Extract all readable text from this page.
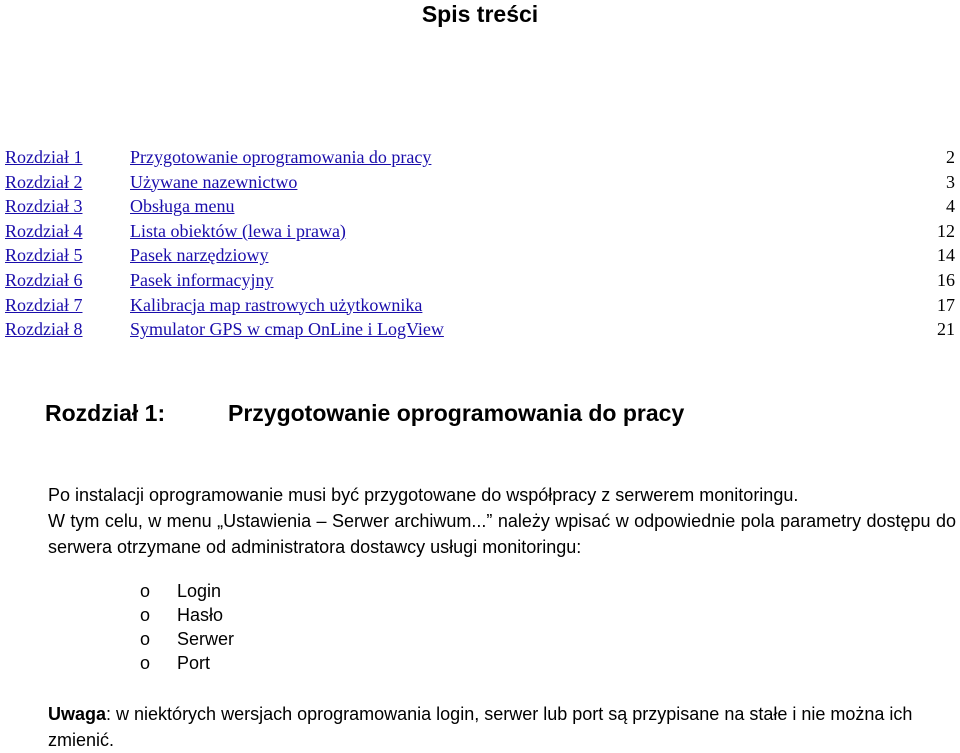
Spis treści
Rozdział 1	Przygotowanie oprogramowania do pracy	2
Rozdział 2	Używane nazewnictwo	3
Rozdział 3	Obsługa menu	4
Rozdział 4	Lista obiektów (lewa i prawa)	12
Rozdział 5	Pasek narzędziowy	14
Rozdział 6	Pasek informacyjny	16
Rozdział 7	Kalibracja map rastrowych użytkownika	17
Rozdział 8	Symulator GPS w cmap OnLine i LogView	21
Rozdział 1:	Przygotowanie oprogramowania do pracy
Po instalacji oprogramowanie musi być przygotowane do współpracy z serwerem monitoringu.
W tym celu, w menu „Ustawienia – Serwer archiwum...” należy wpisać w odpowiednie pola parametry dostępu do serwera otrzymane od administratora dostawcy usługi monitoringu:
o Login
o Hasło
o Serwer
o Port
Uwaga: w niektórych wersjach oprogramowania login, serwer lub port są przypisane na stałe i nie można ich zmienić.
